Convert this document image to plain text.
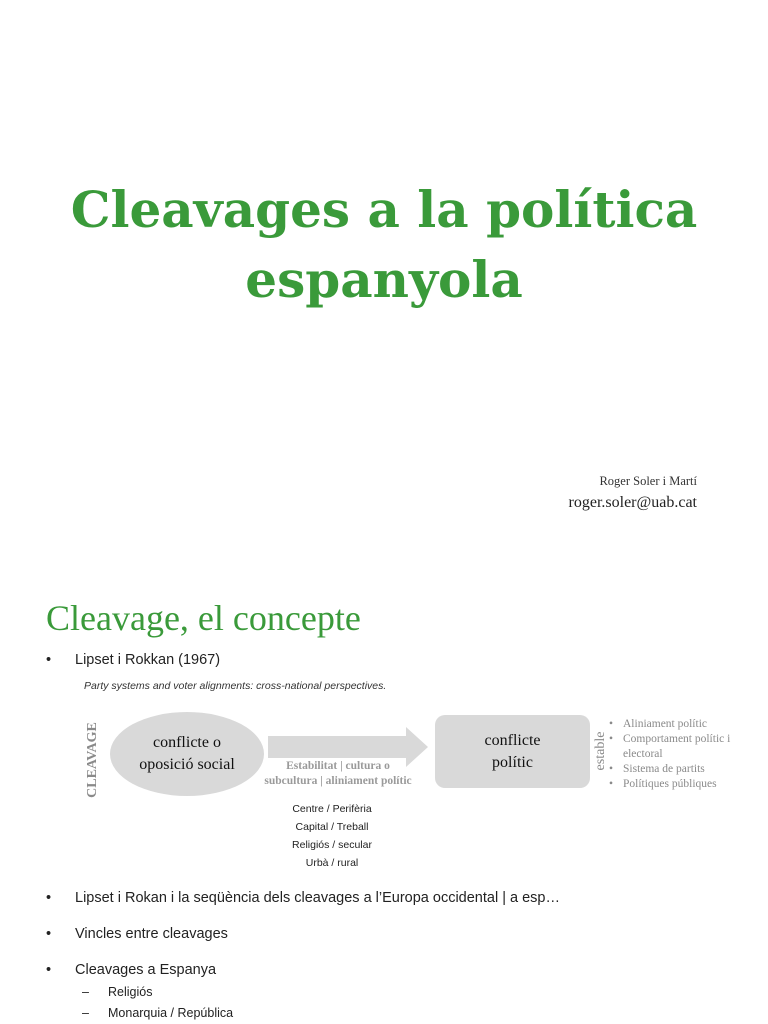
Cleavages a la política
espanyola
Roger Soler i Martí
roger.soler@uab.cat
Cleavage, el concepte
• Lipset i Rokkan (1967)
Party systems and voter alignments: cross-national perspectives.
CLEAVAGE	conflicte o
oposició social	Estabilitat | cultura o
subcultura | aliniament polític
conflicte
polític	estable
• Aliniament polític
• Comportament polític i electoral
• Sistema de partits
• Polítiques públiques
Centre / Perifèria
Capital / Treball
Religiós / secular
Urbà / rural
• Lipset i Rokan i la seqüència dels cleavages a l’Europa occidental | a esp…
• Vincles entre cleavages
• Cleavages a Espanya
– Religiós
– Monarquia / República
